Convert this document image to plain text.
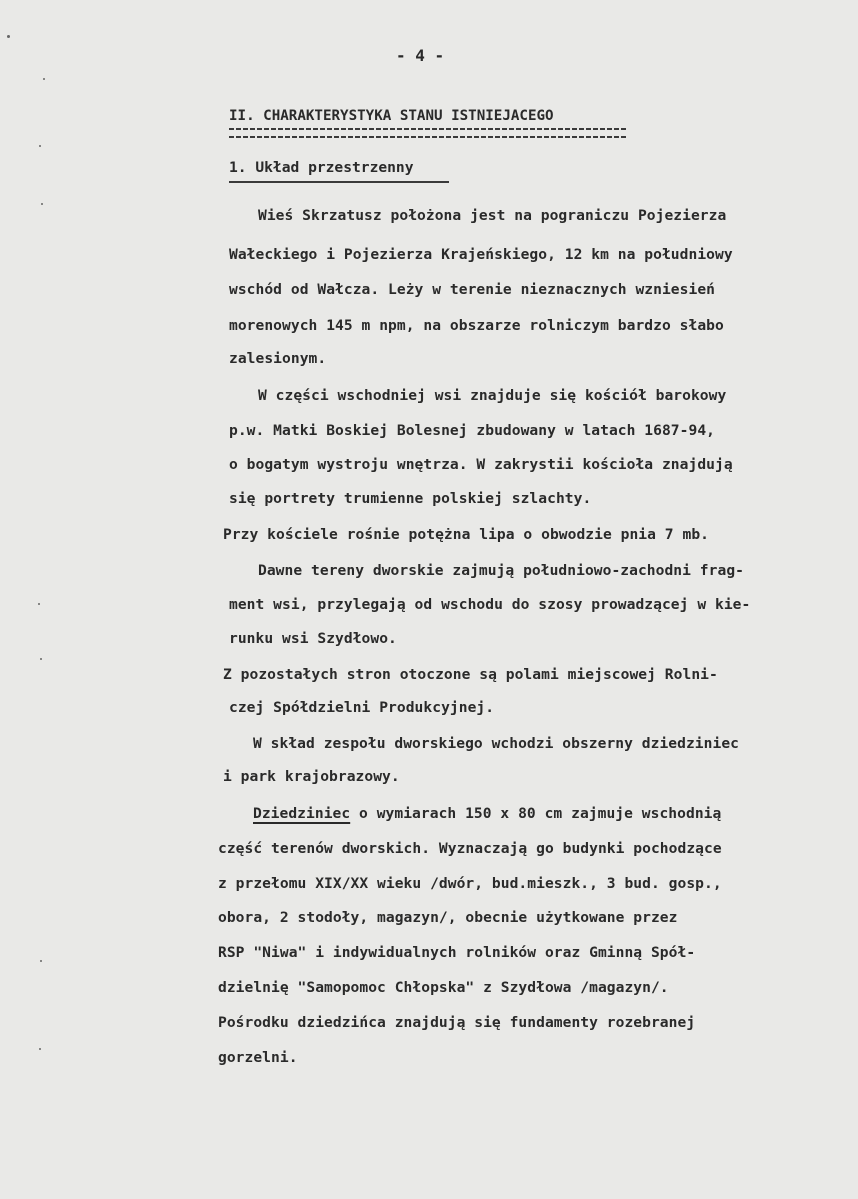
- 4 -
II. CHARAKTERYSTYKA STANU ISTNIEJACEGO
1. Układ przestrzenny
Wieś Skrzatusz położona jest na pograniczu Pojezierza
Wałeckiego i Pojezierza Krajeńskiego, 12 km na południowy
wschód od Wałcza. Leży w terenie nieznacznych wzniesień
morenowych 145 m npm, na obszarze rolniczym bardzo słabo
zalesionym.
W części wschodniej wsi znajduje się kościół barokowy
p.w. Matki Boskiej Bolesnej zbudowany w latach 1687-94,
o bogatym wystroju wnętrza. W zakrystii kościoła znajdują
się portrety trumienne polskiej szlachty.
Przy kościele rośnie potężna lipa o obwodzie pnia 7 mb.
Dawne tereny dworskie zajmują południowo-zachodni frag-
ment wsi, przylegają od wschodu do szosy prowadzącej w kie-
runku wsi Szydłowo.
Z pozostałych stron otoczone są polami miejscowej Rolni-
czej Spółdzielni Produkcyjnej.
W skład zespołu dworskiego wchodzi obszerny dziedziniec
i park krajobrazowy.
Dziedziniec o wymiarach 150 x 80 cm zajmuje wschodnią
część terenów dworskich. Wyznaczają go budynki pochodzące
z przełomu XIX/XX wieku /dwór, bud.mieszk., 3 bud. gosp.,
obora, 2 stodoły, magazyn/, obecnie użytkowane przez
RSP "Niwa" i indywidualnych rolników oraz Gminną Spół-
dzielnię "Samopomoc Chłopska" z Szydłowa /magazyn/.
Pośrodku dziedzińca znajdują się fundamenty rozebranej
gorzelni.
